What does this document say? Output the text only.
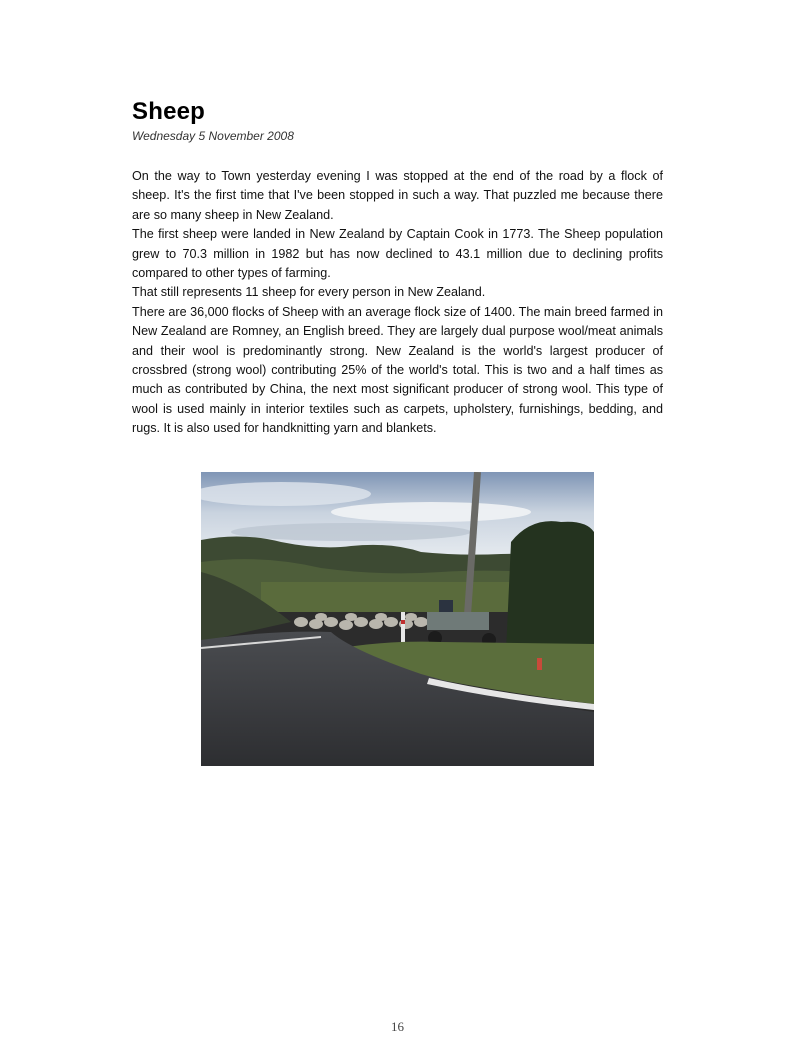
Sheep
Wednesday 5 November 2008

On the way to Town yesterday evening I was stopped at the end of the road by a flock of sheep. It's the first time that I've been stopped in such a way. That puzzled me because there are so many sheep in New Zealand.

The first sheep were landed in New Zealand by Captain Cook in 1773. The Sheep population grew to 70.3 million in 1982 but has now declined to 43.1 million due to declining profits compared to other types of farming.

That still represents 11 sheep for every person in New Zealand.

There are 36,000 flocks of Sheep with an average flock size of 1400. The main breed farmed in New Zealand are Romney, an English breed. They are largely dual purpose wool/meat animals and their wool is predominantly strong. New Zealand is the world's largest producer of crossbred (strong wool) contributing 25% of the world's total. This is two and a half times as much as contributed by China, the next most significant producer of strong wool. This type of wool is used mainly in interior textiles such as carpets, upholstery, furnishings, bedding, and rugs. It is also used for handknitting yarn and blankets.

16
